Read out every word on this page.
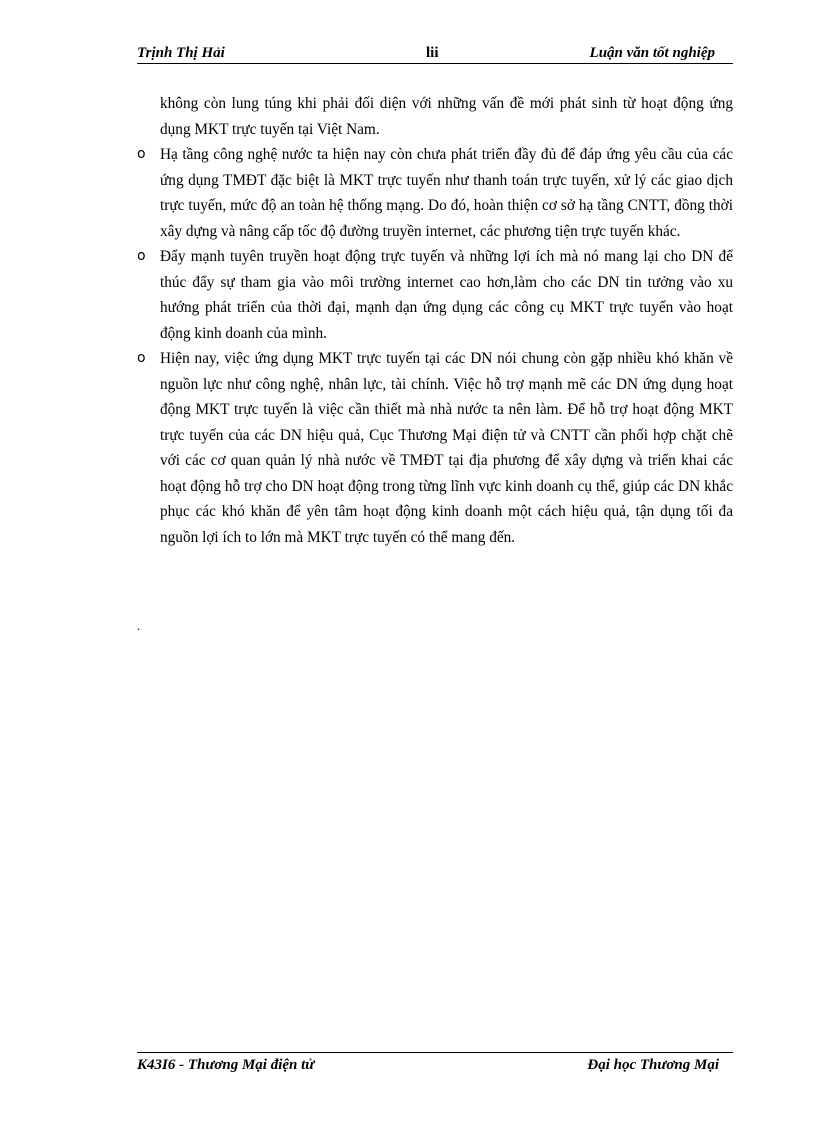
Trịnh Thị Hải	lii	Luận văn tốt nghiệp
không còn lung túng khi phải đối diện với những vấn đề mới phát sinh từ hoạt động ứng dụng MKT trực tuyến tại Việt Nam.
o Hạ tầng công nghệ nước ta hiện nay còn chưa phát triển đầy đủ để đáp ứng yêu cầu của các ứng dụng TMĐT đặc biệt là MKT trực tuyến như thanh toán trực tuyến, xử lý các giao dịch trực tuyến, mức độ an toàn hệ thống mạng. Do đó, hoàn thiện cơ sở hạ tầng CNTT, đồng thời xây dựng và nâng cấp tốc độ đường truyền internet, các phương tiện trực tuyến khác.
o Đẩy mạnh tuyên truyền hoạt động trực tuyến và những lợi ích mà nó mang lại cho DN để thúc đẩy sự tham gia vào môi trường internet cao hơn,làm cho các DN tin tưởng vào xu hướng phát triển của thời đại, mạnh dạn ứng dụng các công cụ MKT trực tuyến vào hoạt động kinh doanh của mình.
o Hiện nay, việc ứng dụng MKT trực tuyến tại các DN nói chung còn gặp nhiều khó khăn về nguồn lực như công nghệ, nhân lực, tài chính. Việc hỗ trợ mạnh mẽ các DN ứng dụng hoạt động MKT trực tuyến là việc cần thiết mà nhà nước ta nên làm. Để hỗ trợ hoạt động MKT trực tuyến của các DN hiệu quả, Cục Thương Mại điện tử và CNTT cần phối hợp chặt chẽ với các cơ quan quản lý nhà nước về TMĐT tại địa phương để xây dựng và triển khai các hoạt động hỗ trợ cho DN hoạt động trong từng lĩnh vực kinh doanh cụ thể, giúp các DN khắc phục các khó khăn để yên tâm hoạt động kinh doanh một cách hiệu quả, tận dụng tối đa nguồn lợi ích to lớn mà MKT trực tuyến có thể mang đến.
.
K43I6 - Thương Mại điện tử	Đại học Thương Mại
